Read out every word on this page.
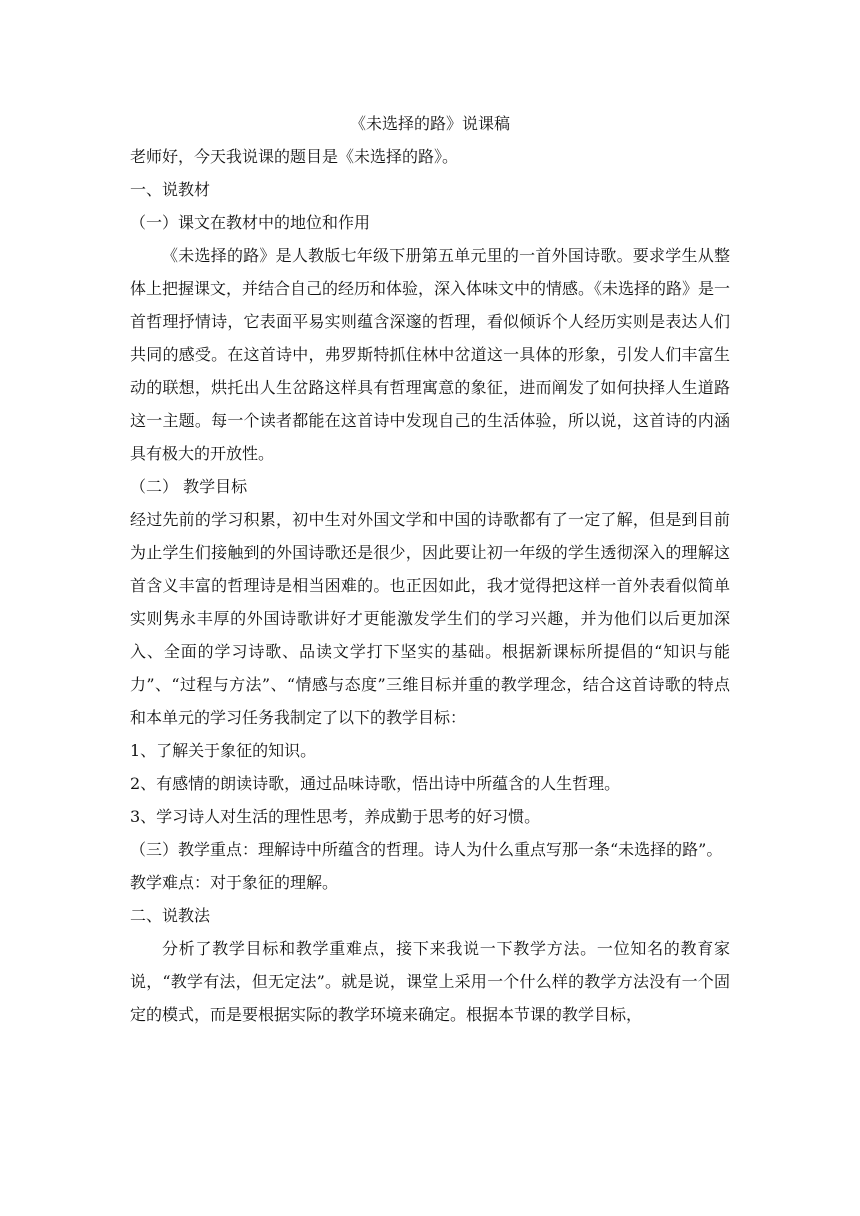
《未选择的路》说课稿

老师好，今天我说课的题目是《未选择的路》。

一、说教材

（一）课文在教材中的地位和作用

《未选择的路》是人教版七年级下册第五单元里的一首外国诗歌。要求学生从整体上把握课文，并结合自己的经历和体验，深入体味文中的情感。《未选择的路》是一首哲理抒情诗，它表面平易实则蕴含深邃的哲理，看似倾诉个人经历实则是表达人们共同的感受。在这首诗中，弗罗斯特抓住林中岔道这一具体的形象，引发人们丰富生动的联想，烘托出人生岔路这样具有哲理寓意的象征，进而阐发了如何抉择人生道路这一主题。每一个读者都能在这首诗中发现自己的生活体验，所以说，这首诗的内涵具有极大的开放性。

（二） 教学目标

经过先前的学习积累，初中生对外国文学和中国的诗歌都有了一定了解，但是到目前为止学生们接触到的外国诗歌还是很少，因此要让初一年级的学生透彻深入的理解这首含义丰富的哲理诗是相当困难的。也正因如此，我才觉得把这样一首外表看似简单实则隽永丰厚的外国诗歌讲好才更能激发学生们的学习兴趣，并为他们以后更加深入、全面的学习诗歌、品读文学打下坚实的基础。根据新课标所提倡的“知识与能力”、“过程与方法”、“情感与态度”三维目标并重的教学理念，结合这首诗歌的特点和本单元的学习任务我制定了以下的教学目标：

1、了解关于象征的知识。

2、有感情的朗读诗歌，通过品味诗歌，悟出诗中所蕴含的人生哲理。

3、学习诗人对生活的理性思考，养成勤于思考的好习惯。

（三）教学重点：理解诗中所蕴含的哲理。诗人为什么重点写那一条“未选择的路”。

教学难点：对于象征的理解。

二、说教法

分析了教学目标和教学重难点，接下来我说一下教学方法。一位知名的教育家说，“教学有法，但无定法”。就是说，课堂上采用一个什么样的教学方法没有一个固定的模式，而是要根据实际的教学环境来确定。根据本节课的教学目标，
